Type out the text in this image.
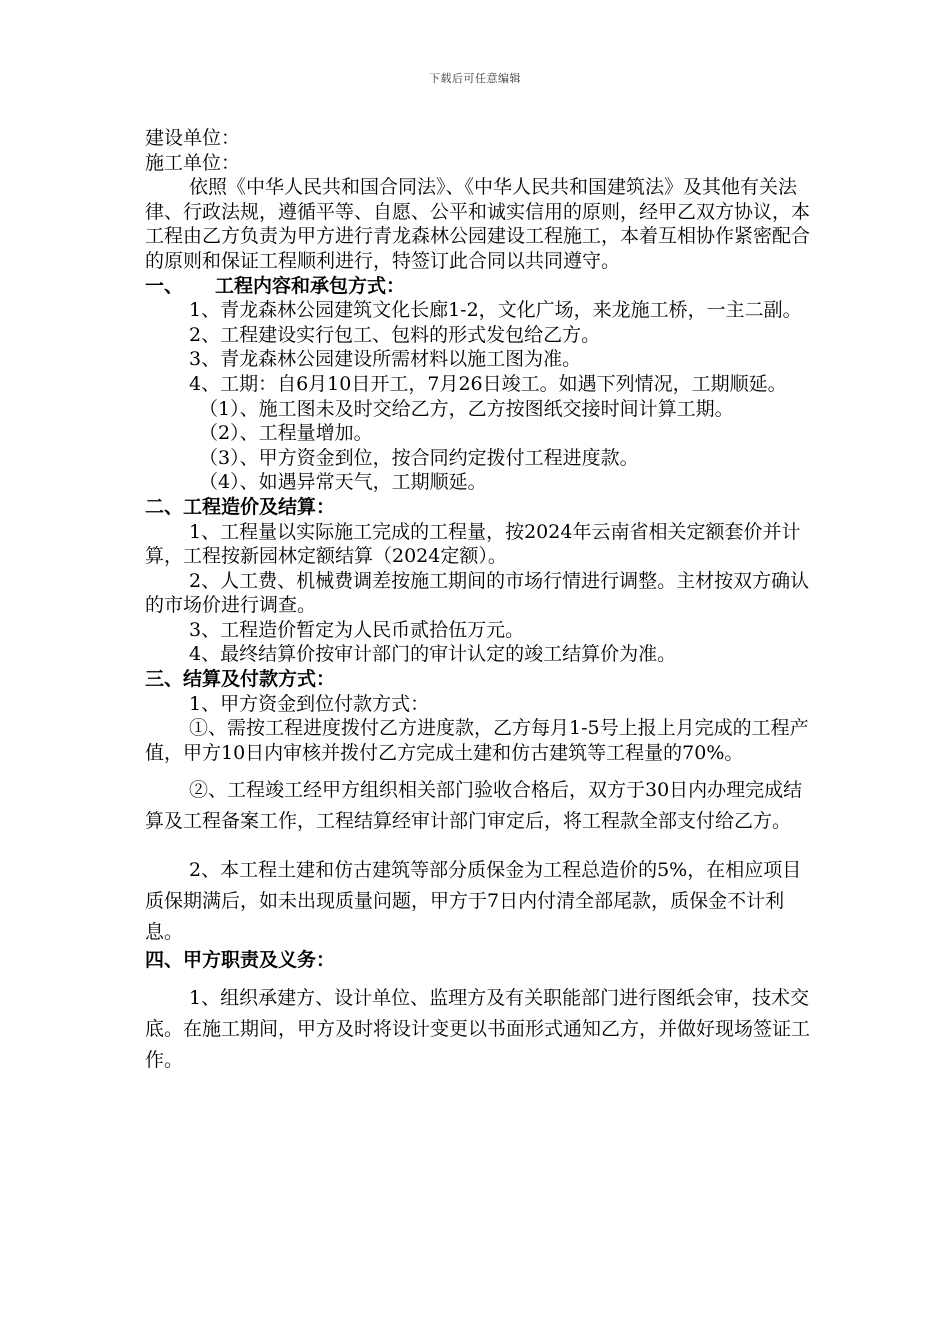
下载后可任意编辑
建设单位：
施工单位：
依照《中华人民共和国合同法》、《中华人民共和国建筑法》及其他有关法律、行政法规，遵循平等、自愿、公平和诚实信用的原则，经甲乙双方协议，本工程由乙方负责为甲方进行青龙森林公园建设工程施工，本着互相协作紧密配合的原则和保证工程顺利进行，特签订此合同以共同遵守。
一、 工程内容和承包方式：
1、青龙森林公园建筑文化长廊1-2，文化广场，来龙施工桥，一主二副。
2、工程建设实行包工、包料的形式发包给乙方。
3、青龙森林公园建设所需材料以施工图为准。
4、工期：自6月10日开工，7月26日竣工。如遇下列情况，工期顺延。
（1）、施工图未及时交给乙方，乙方按图纸交接时间计算工期。
（2）、工程量增加。
（3）、甲方资金到位，按合同约定拨付工程进度款。
（4）、如遇异常天气，工期顺延。
二、工程造价及结算：
1、工程量以实际施工完成的工程量，按2024年云南省相关定额套价并计算，工程按新园林定额结算（2024定额）。
2、人工费、机械费调差按施工期间的市场行情进行调整。主材按双方确认的市场价进行调查。
3、工程造价暂定为人民币贰拾伍万元。
4、最终结算价按审计部门的审计认定的竣工结算价为准。
三、结算及付款方式：
1、甲方资金到位付款方式：
①、需按工程进度拨付乙方进度款，乙方每月1-5号上报上月完成的工程产值，甲方10日内审核并拨付乙方完成土建和仿古建筑等工程量的70%。
②、工程竣工经甲方组织相关部门验收合格后，双方于30日内办理完成结算及工程备案工作，工程结算经审计部门审定后，将工程款全部支付给乙方。
2、本工程土建和仿古建筑等部分质保金为工程总造价的5%，在相应项目质保期满后，如未出现质量问题，甲方于7日内付清全部尾款，质保金不计利息。
四、甲方职责及义务：
1、组织承建方、设计单位、监理方及有关职能部门进行图纸会审，技术交底。在施工期间，甲方及时将设计变更以书面形式通知乙方，并做好现场签证工作。
